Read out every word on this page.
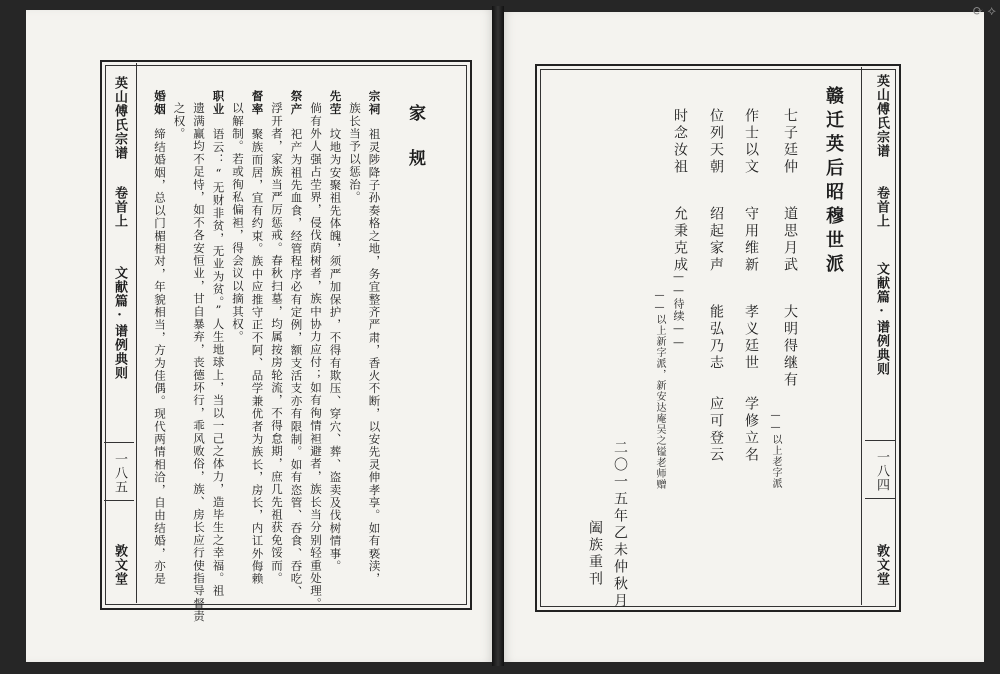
英山傅氏宗谱
卷首上
文献篇·谱例典则
一八五
敦文堂
家规
宗祠　祖灵陟降子孙奏格之地，务宜整齐严肃，香火不断，以安先灵伸孝享。如有亵渎，
族长当予以惩治。
先茔　坟地为安聚祖先体魄，须严加保护，不得有欺压、穿穴、葬、盗卖及伐树情事。
倘有外人强占茔界，侵伐荫树者，族中协力应付；如有徇情袒避者，族长当分别轻重处理。
祭产　祀产为祖先血食，经管程序必有定例，额支活支亦有限制。如有恣管、吞食、吞吃、
浮开者，家族当严厉惩戒。春秋扫墓，均属按房轮流，不得怠期，庶几先祖获免馁而。
督率　聚族而居，宜有约束。族中应推守正不阿、品学兼优者为族长，房长，内讧外侮赖
以解制。若或徇私偏袒，得会议以摘其权。
职业　语云：“无财非贫，无业为贫。”人生地球上，当以一己之体力，造毕生之幸福。祖
遗满赢均不足恃，如不各安恒业，甘自暴弃，丧德坏行，乖风败俗，族、房长应行使指导督责
之权。
婚姻　缔结婚姻，总以门楣相对，年貌相当，方为佳偶。现代两情相洽，自由结婚，亦是
英山傅氏宗谱
卷首上
文献篇·谱例典则
一八四
敦文堂
赣迁英后昭穆世派
七子廷仲
道思月武
大明得继有
作士以文
守用维新
孝义廷世
学修立名
位列天朝
绍起家声
能弘乃志
应可登云
时念汝祖
允秉克成
——待续——
——以上老字派
——以上新字派，新安达庵吴之镒老师赠
二〇一五年乙未仲秋月
阖族重刊
⟳ ⟡
